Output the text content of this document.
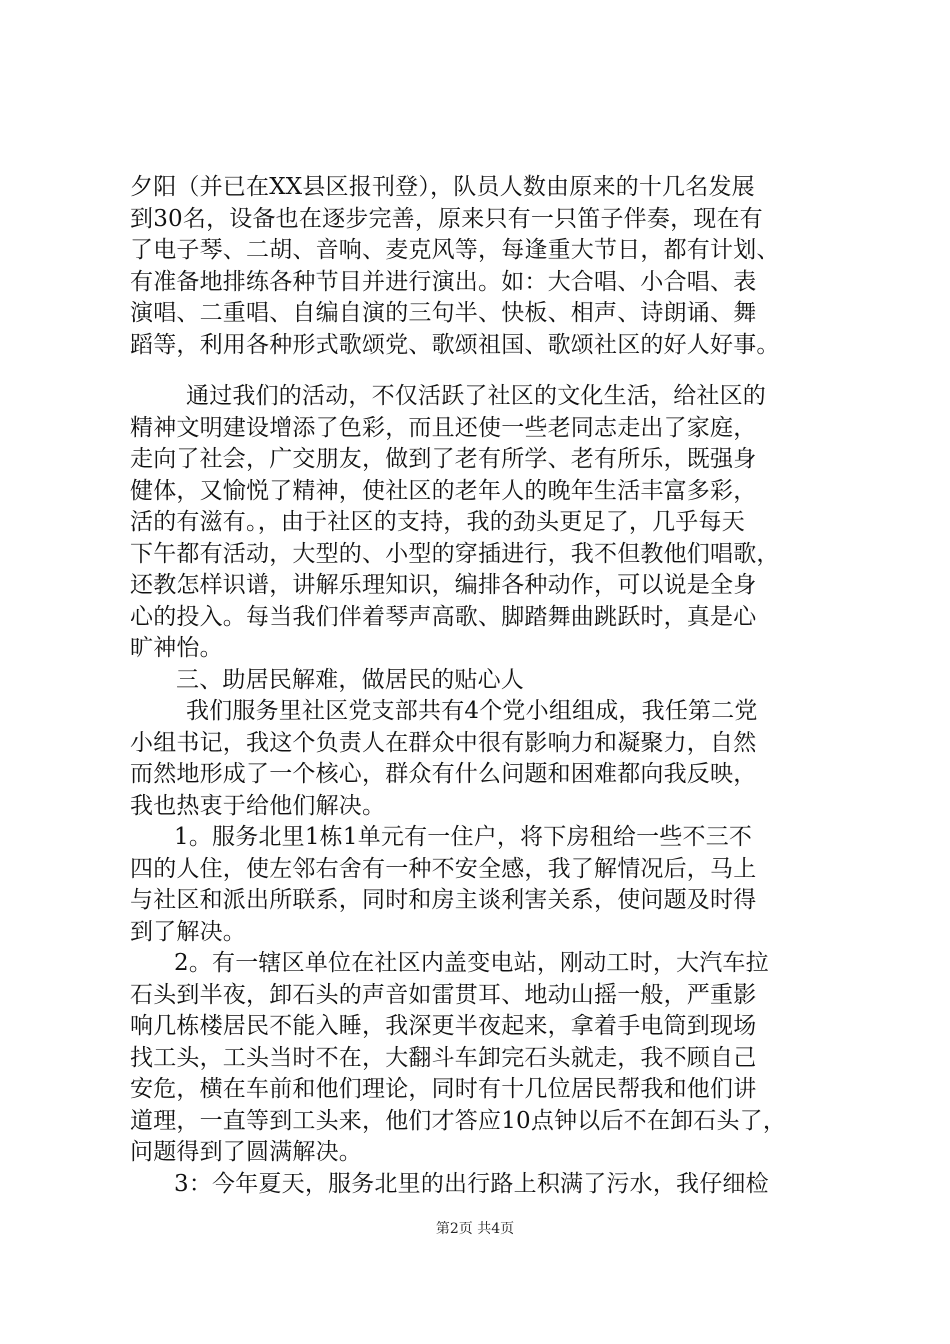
夕阳（并已在XX县区报刊登），队员人数由原来的十几名发展
到30名，设备也在逐步完善，原来只有一只笛子伴奏，现在有
了电子琴、二胡、音响、麦克风等，每逢重大节日，都有计划、
有准备地排练各种节目并进行演出。如：大合唱、小合唱、表
演唱、二重唱、自编自演的三句半、快板、相声、诗朗诵、舞
蹈等，利用各种形式歌颂党、歌颂祖国、歌颂社区的好人好事。
通过我们的活动，不仅活跃了社区的文化生活，给社区的
精神文明建设增添了色彩，而且还使一些老同志走出了家庭，
走向了社会，广交朋友，做到了老有所学、老有所乐，既强身
健体，又愉悦了精神，使社区的老年人的晚年生活丰富多彩，
活的有滋有。，由于社区的支持，我的劲头更足了，几乎每天
下午都有活动，大型的、小型的穿插进行，我不但教他们唱歌，
还教怎样识谱，讲解乐理知识，编排各种动作，可以说是全身
心的投入。每当我们伴着琴声高歌、脚踏舞曲跳跃时，真是心
旷神怡。
三、助居民解难，做居民的贴心人
我们服务里社区党支部共有4个党小组组成，我任第二党
小组书记，我这个负责人在群众中很有影响力和凝聚力，自然
而然地形成了一个核心，群众有什么问题和困难都向我反映，
我也热衷于给他们解决。
1。服务北里1栋1单元有一住户，将下房租给一些不三不
四的人住，使左邻右舍有一种不安全感，我了解情况后，马上
与社区和派出所联系，同时和房主谈利害关系，使问题及时得
到了解决。
2。有一辖区单位在社区内盖变电站，刚动工时，大汽车拉
石头到半夜，卸石头的声音如雷贯耳、地动山摇一般，严重影
响几栋楼居民不能入睡，我深更半夜起来，拿着手电筒到现场
找工头，工头当时不在，大翻斗车卸完石头就走，我不顾自己
安危，横在车前和他们理论，同时有十几位居民帮我和他们讲
道理，一直等到工头来，他们才答应10点钟以后不在卸石头了，
问题得到了圆满解决。
3：今年夏天，服务北里的出行路上积满了污水，我仔细检
第2页 共4页
